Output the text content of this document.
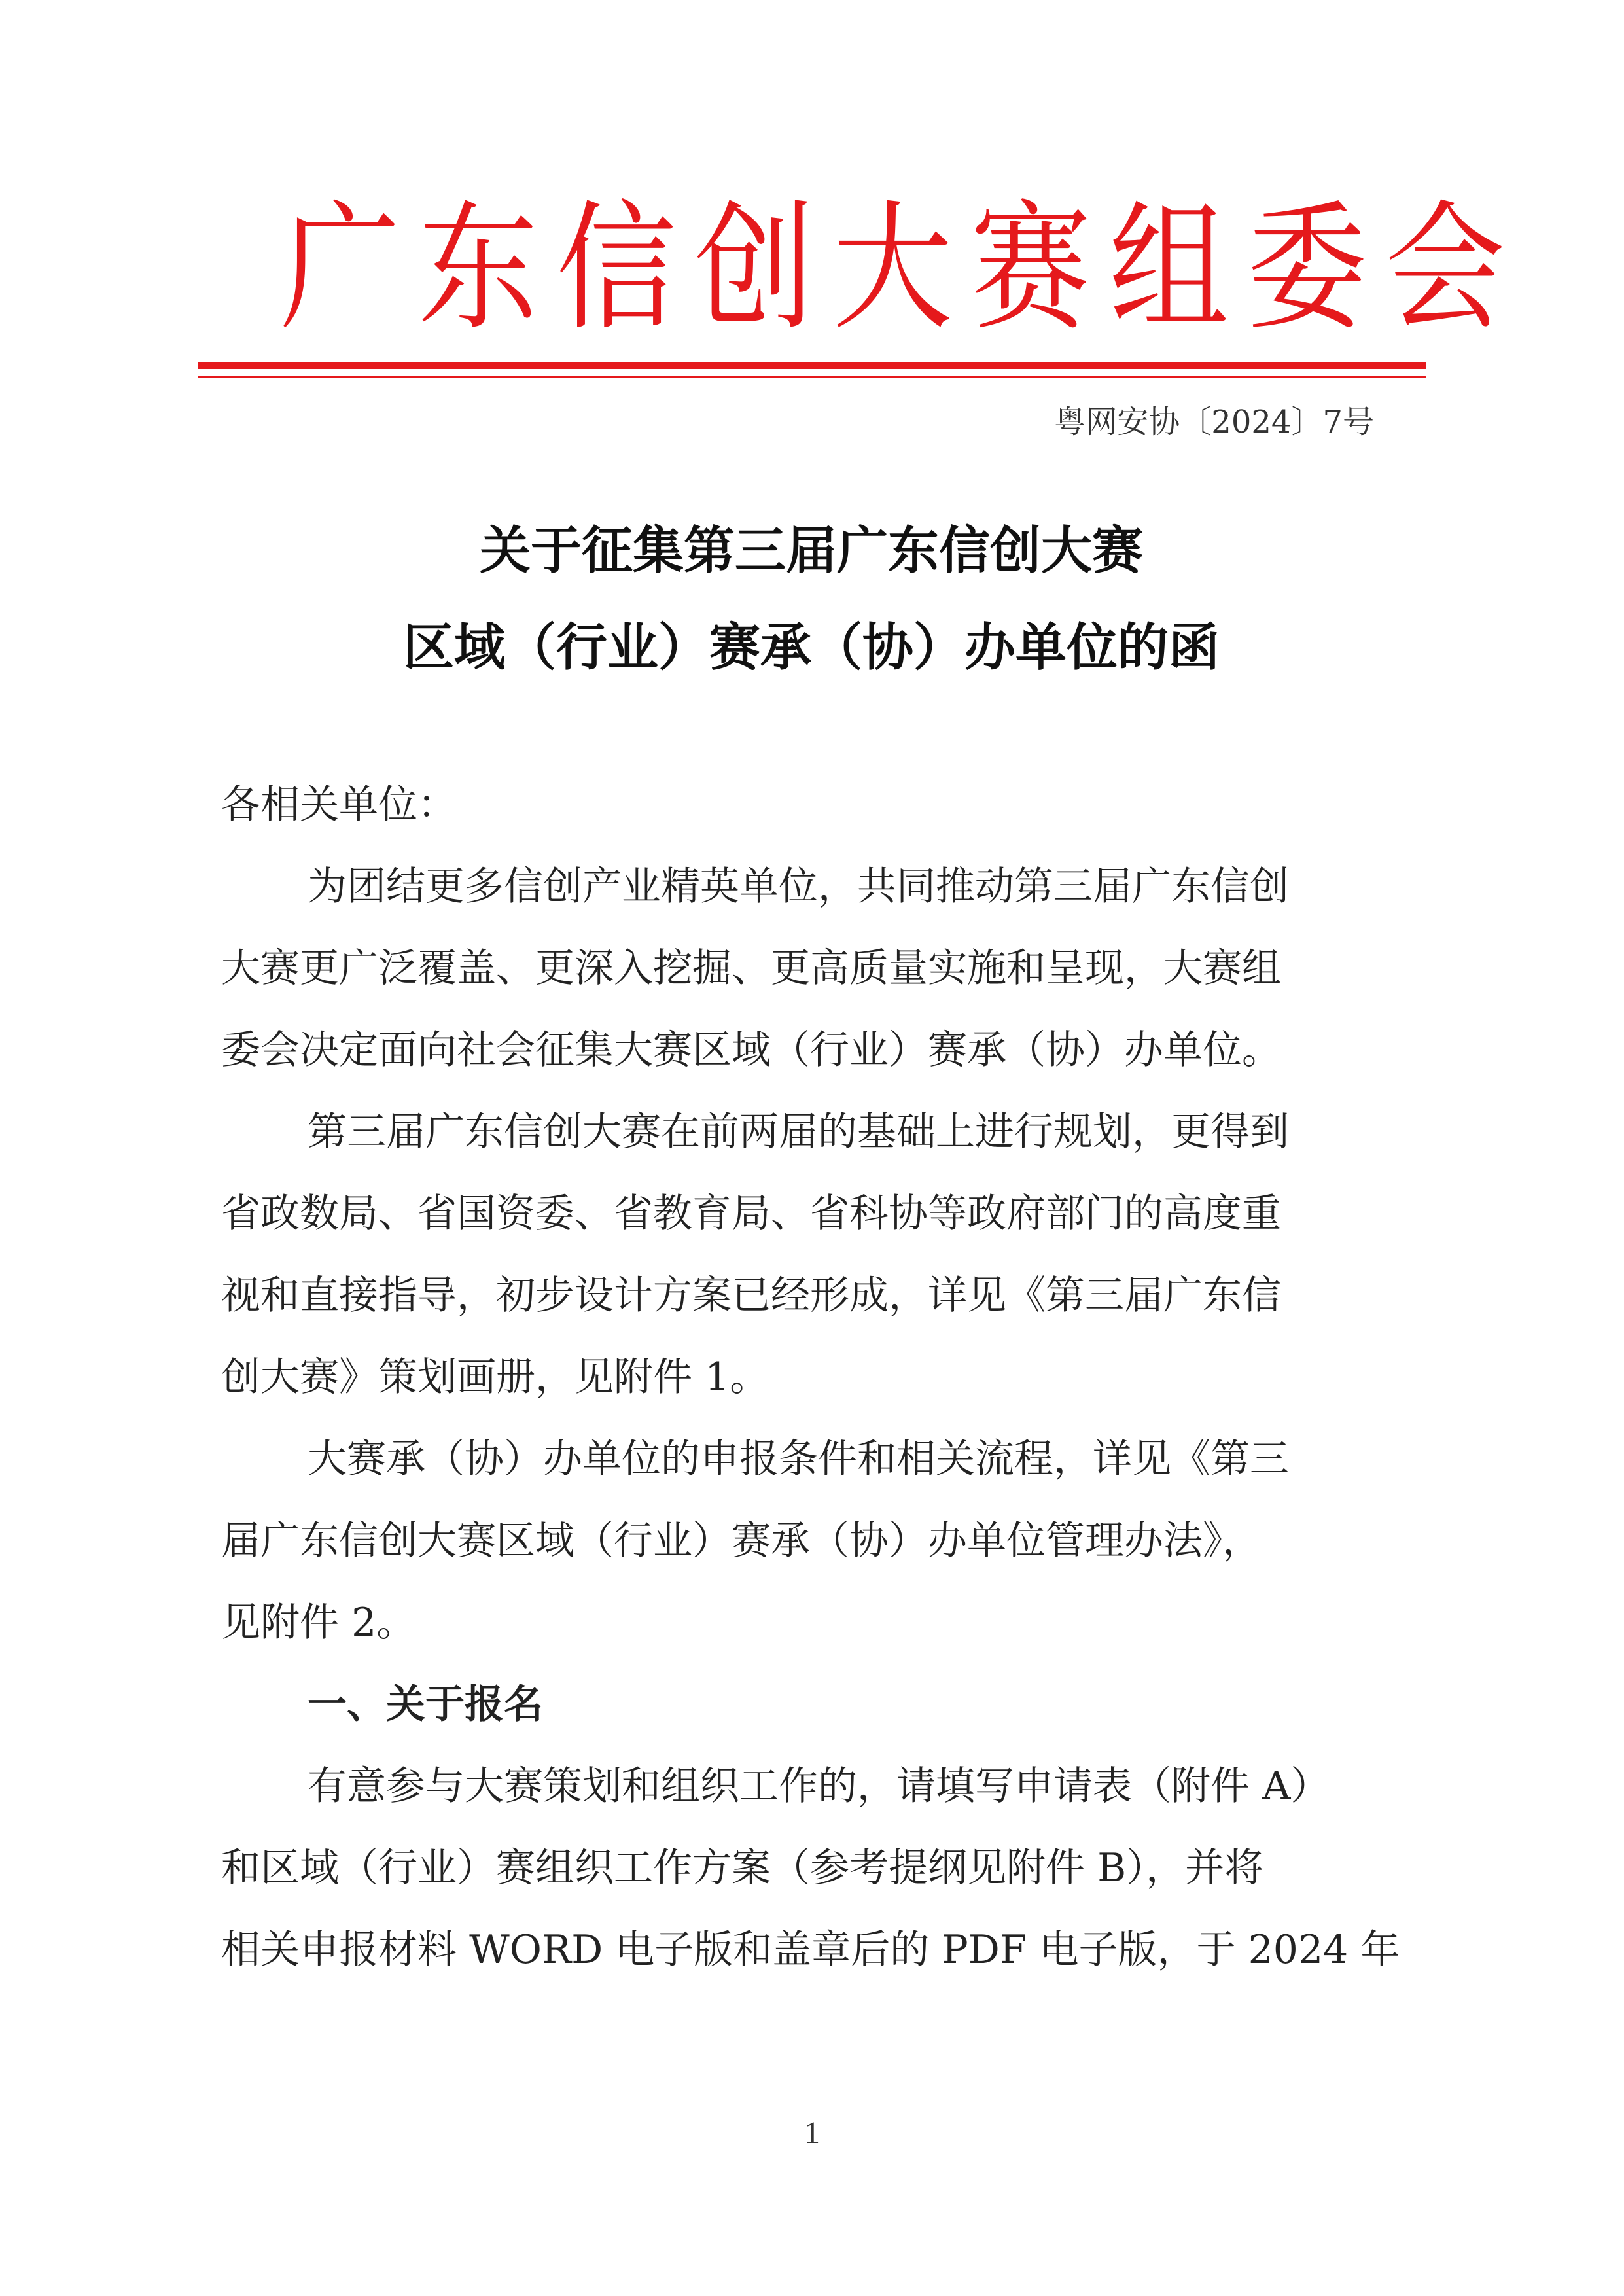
广东信创大赛组委会
粤网安协〔2024〕7号
关于征集第三届广东信创大赛
区域（行业）赛承（协）办单位的函
各相关单位：
为团结更多信创产业精英单位，共同推动第三届广东信创
大赛更广泛覆盖、更深入挖掘、更高质量实施和呈现，大赛组
委会决定面向社会征集大赛区域（行业）赛承（协）办单位。
第三届广东信创大赛在前两届的基础上进行规划，更得到
省政数局、省国资委、省教育局、省科协等政府部门的高度重
视和直接指导，初步设计方案已经形成，详见《第三届广东信
创大赛》策划画册，见附件 1。
大赛承（协）办单位的申报条件和相关流程，详见《第三
届广东信创大赛区域（行业）赛承（协）办单位管理办法》，
见附件 2。
一、关于报名
有意参与大赛策划和组织工作的，请填写申请表（附件 A）
和区域（行业）赛组织工作方案（参考提纲见附件 B），并将
相关申报材料 WORD 电子版和盖章后的 PDF 电子版，于 2024 年
1
